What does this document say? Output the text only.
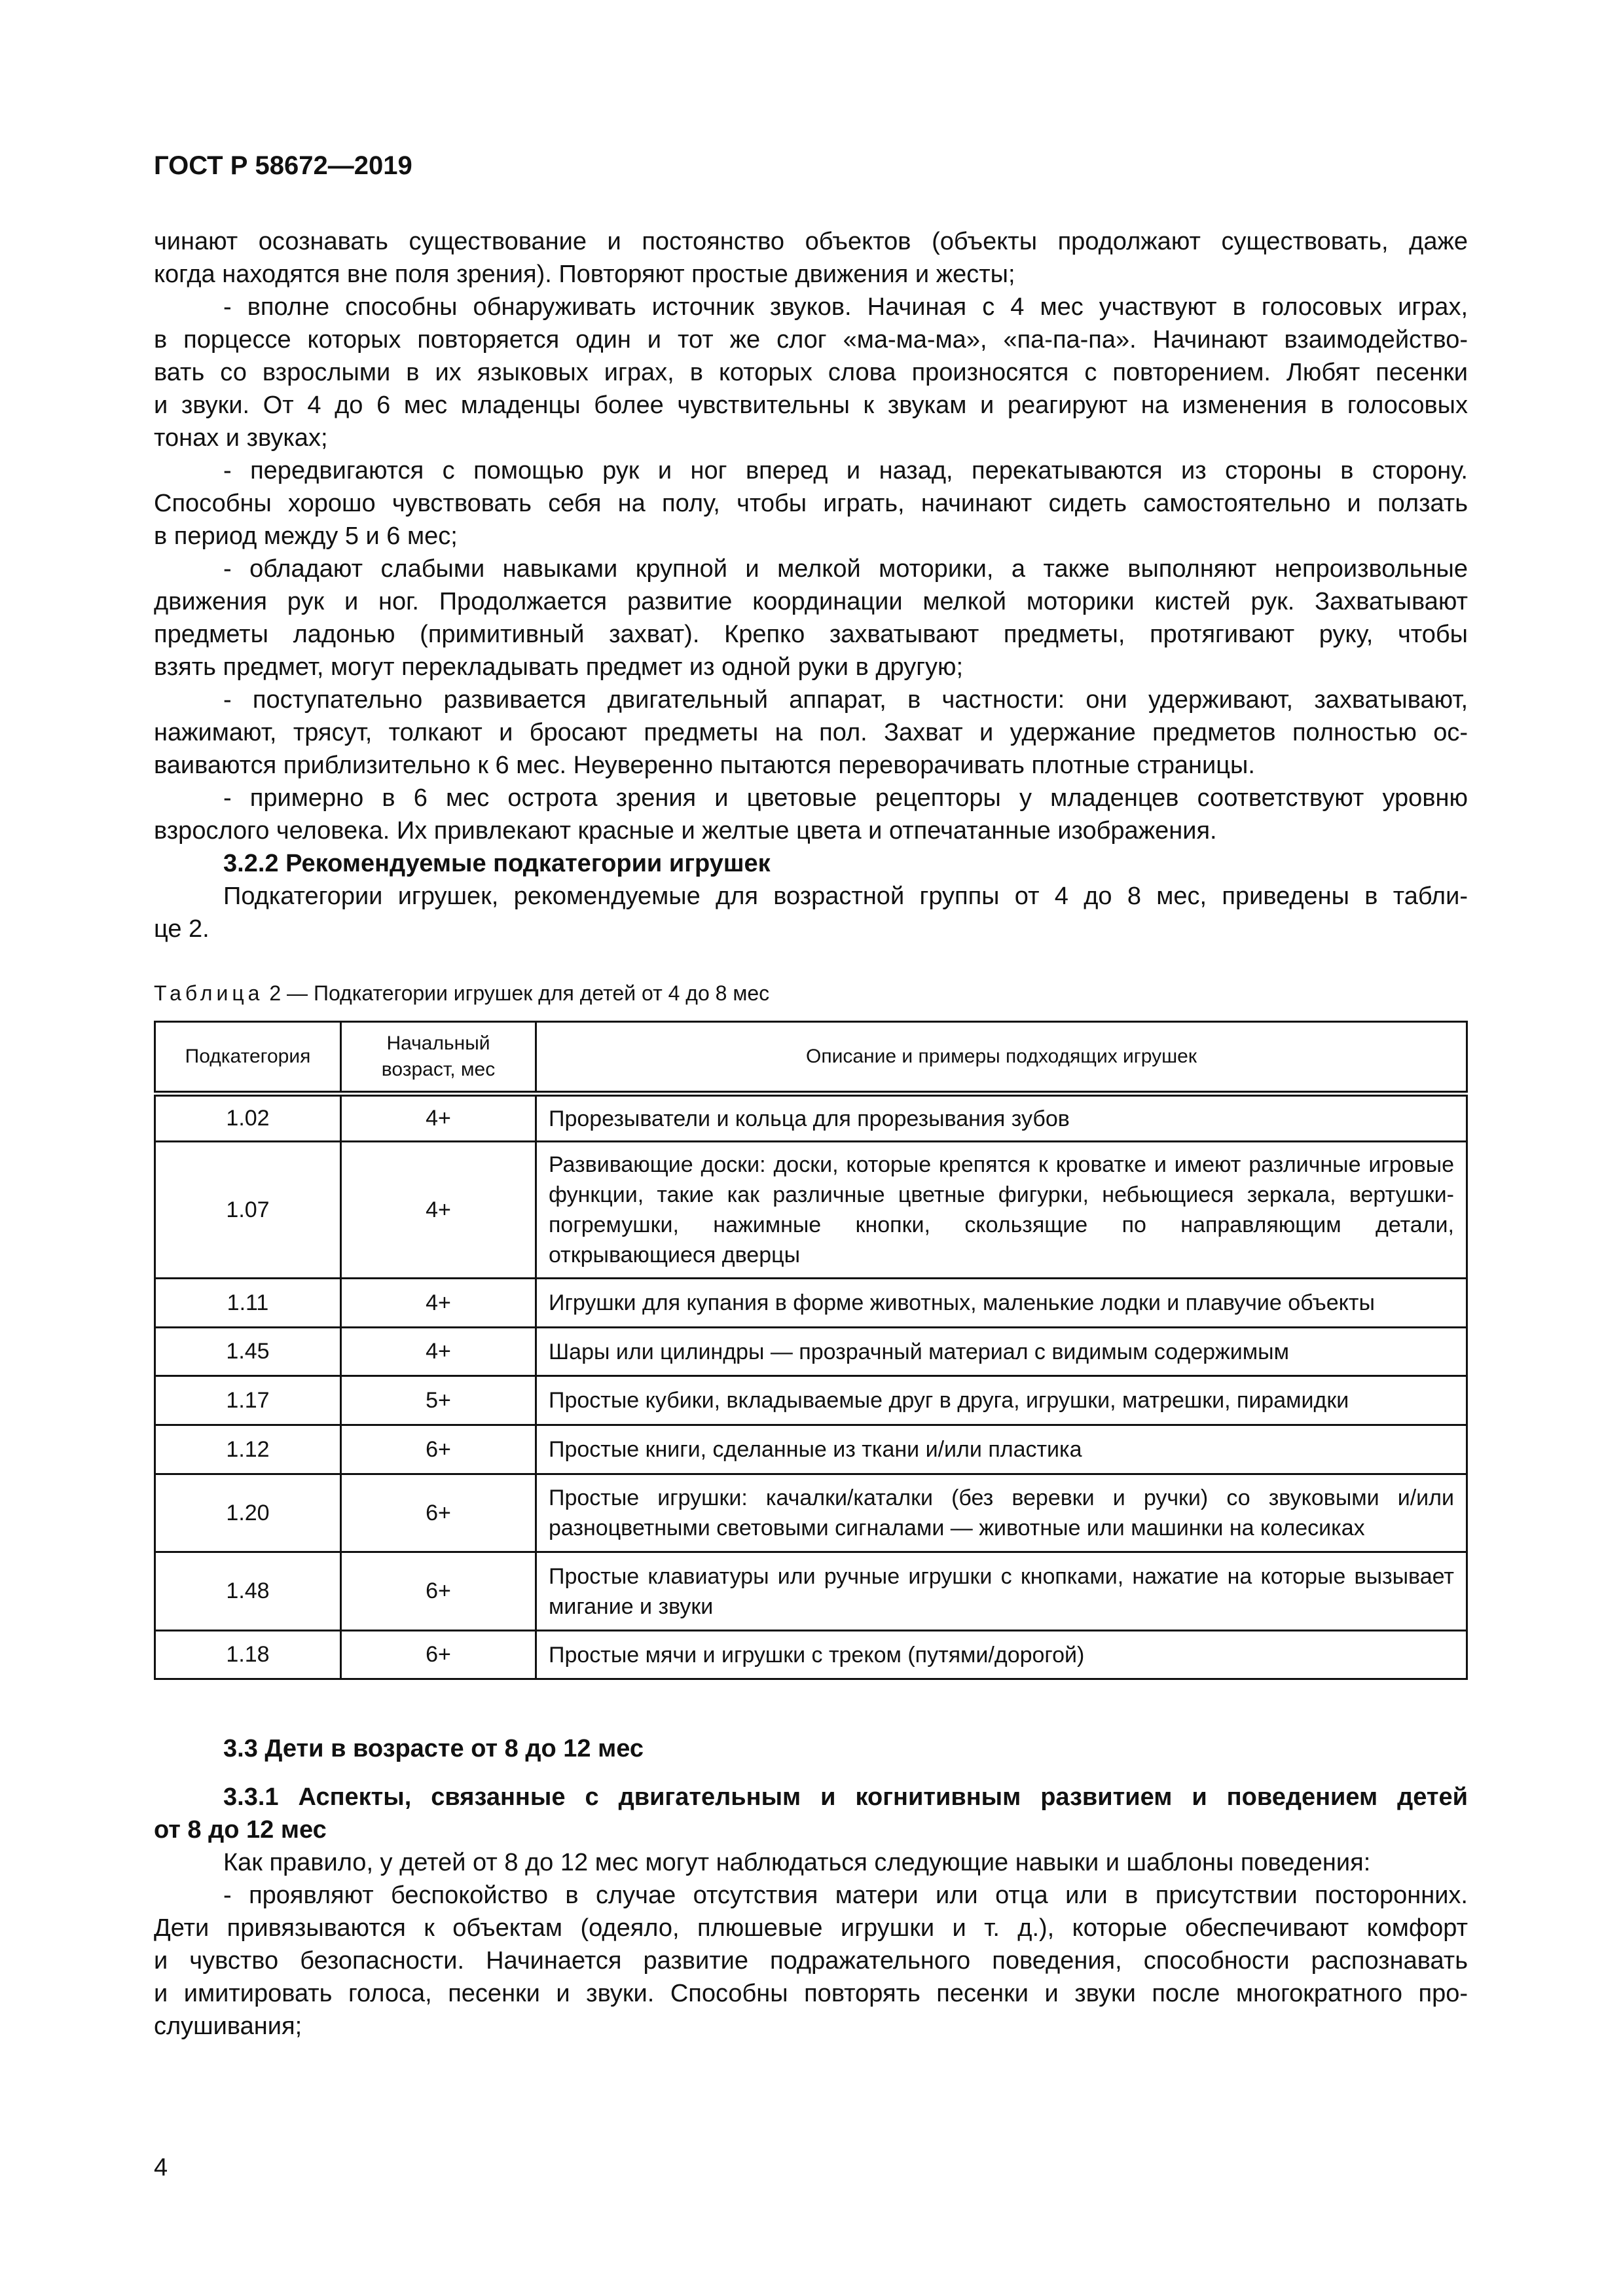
ГОСТ Р 58672—2019
чинают осознавать существование и постоянство объектов (объекты продолжают существовать, даже
когда находятся вне поля зрения). Повторяют простые движения и жесты;
- вполне способны обнаруживать источник звуков. Начиная с 4 мес участвуют в голосовых играх,
в порцессе которых повторяется один и тот же слог «ма-ма-ма», «па-па-па». Начинают взаимодейство-
вать со взрослыми в их языковых играх, в которых слова произносятся с повторением. Любят песенки
и звуки. От 4 до 6 мес младенцы более чувствительны к звукам и реагируют на изменения в голосовых
тонах и звуках;
- передвигаются с помощью рук и ног вперед и назад, перекатываются из стороны в сторону.
Способны хорошо чувствовать себя на полу, чтобы играть, начинают сидеть самостоятельно и ползать
в период между 5 и 6 мес;
- обладают слабыми навыками крупной и мелкой моторики, а также выполняют непроизвольные
движения рук и ног. Продолжается развитие координации мелкой моторики кистей рук. Захватывают
предметы ладонью (примитивный захват). Крепко захватывают предметы, протягивают руку, чтобы
взять предмет, могут перекладывать предмет из одной руки в другую;
- поступательно развивается двигательный аппарат, в частности: они удерживают, захватывают,
нажимают, трясут, толкают и бросают предметы на пол. Захват и удержание предметов полностью ос-
ваиваются приблизительно к 6 мес. Неуверенно пытаются переворачивать плотные страницы.
- примерно в 6 мес острота зрения и цветовые рецепторы у младенцев соответствуют уровню
взрослого человека. Их привлекают красные и желтые цвета и отпечатанные изображения.
3.2.2 Рекомендуемые подкатегории игрушек
Подкатегории игрушек, рекомендуемые для возрастной группы от 4 до 8 мес, приведены в табли-
це 2.
Таблица 2 — Подкатегории игрушек для детей от 4 до 8 мес
Подкатегория	Начальный возраст, мес	Описание и примеры подходящих игрушек
1.02	4+	Прорезыватели и кольца для прорезывания зубов
1.07	4+	Развивающие доски: доски, которые крепятся к кроватке и имеют различные игровые функции, такие как различные цветные фигурки, небьющиеся зеркала, вертушки-погремушки, нажимные кнопки, скользящие по направляющим детали, открывающиеся дверцы
1.11	4+	Игрушки для купания в форме животных, маленькие лодки и плавучие объекты
1.45	4+	Шары или цилиндры — прозрачный материал с видимым содержимым
1.17	5+	Простые кубики, вкладываемые друг в друга, игрушки, матрешки, пирамидки
1.12	6+	Простые книги, сделанные из ткани и/или пластика
1.20	6+	Простые игрушки: качалки/каталки (без веревки и ручки) со звуковыми и/или разноцветными световыми сигналами — животные или машинки на колесиках
1.48	6+	Простые клавиатуры или ручные игрушки с кнопками, нажатие на которые вызывает мигание и звуки
1.18	6+	Простые мячи и игрушки с треком (путями/дорогой)
3.3 Дети в возрасте от 8 до 12 мес
3.3.1 Аспекты, связанные с двигательным и когнитивным развитием и поведением детей
от 8 до 12 мес
Как правило, у детей от 8 до 12 мес могут наблюдаться следующие навыки и шаблоны поведения:
- проявляют беспокойство в случае отсутствия матери или отца или в присутствии посторонних.
Дети привязываются к объектам (одеяло, плюшевые игрушки и т. д.), которые обеспечивают комфорт
и чувство безопасности. Начинается развитие подражательного поведения, способности распознавать
и имитировать голоса, песенки и звуки. Способны повторять песенки и звуки после многократного про-
слушивания;
4
